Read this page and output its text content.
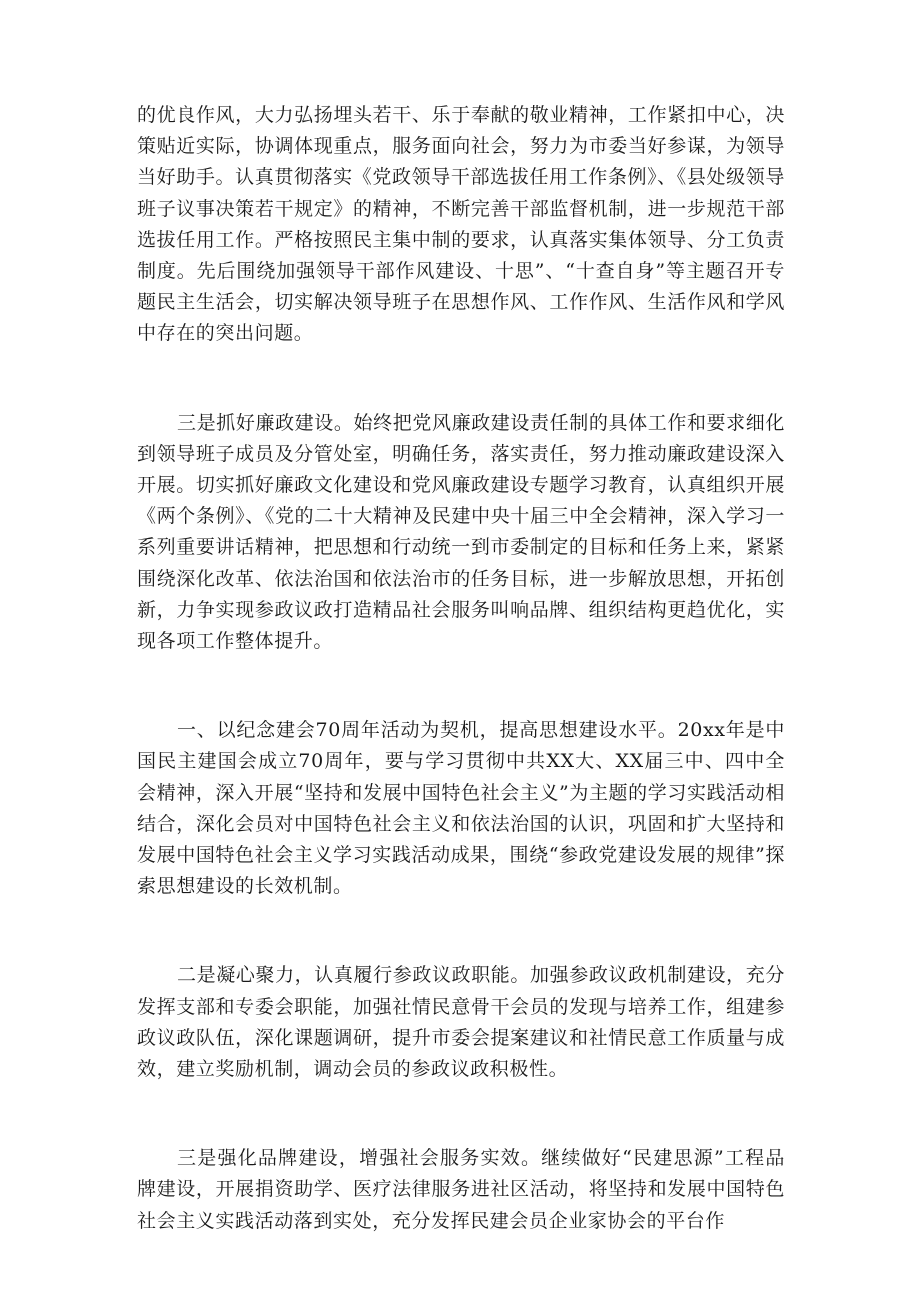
的优良作风，大力弘扬埋头若干、乐于奉献的敬业精神，工作紧扣中心，决策贴近实际，协调体现重点，服务面向社会，努力为市委当好参谋，为领导当好助手。认真贯彻落实《党政领导干部选拔任用工作条例》、《县处级领导班子议事决策若干规定》的精神，不断完善干部监督机制，进一步规范干部选拔任用工作。严格按照民主集中制的要求，认真落实集体领导、分工负责制度。先后围绕加强领导干部作风建设、十思”、“十查自身”等主题召开专题民主生活会，切实解决领导班子在思想作风、工作作风、生活作风和学风中存在的突出问题。

三是抓好廉政建设。始终把党风廉政建设责任制的具体工作和要求细化到领导班子成员及分管处室，明确任务，落实责任，努力推动廉政建设深入开展。切实抓好廉政文化建设和党风廉政建设专题学习教育，认真组织开展《两个条例》、《党的二十大精神及民建中央十届三中全会精神，深入学习一系列重要讲话精神，把思想和行动统一到市委制定的目标和任务上来，紧紧围绕深化改革、依法治国和依法治市的任务目标，进一步解放思想，开拓创新，力争实现参政议政打造精品社会服务叫响品牌、组织结构更趋优化，实现各项工作整体提升。

一、以纪念建会70周年活动为契机，提高思想建设水平。20xx年是中国民主建国会成立70周年，要与学习贯彻中共XX大、XX届三中、四中全会精神，深入开展“坚持和发展中国特色社会主义”为主题的学习实践活动相结合，深化会员对中国特色社会主义和依法治国的认识，巩固和扩大坚持和发展中国特色社会主义学习实践活动成果，围绕“参政党建设发展的规律”探索思想建设的长效机制。

二是凝心聚力，认真履行参政议政职能。加强参政议政机制建设，充分发挥支部和专委会职能，加强社情民意骨干会员的发现与培养工作，组建参政议政队伍，深化课题调研，提升市委会提案建议和社情民意工作质量与成效，建立奖励机制，调动会员的参政议政积极性。

三是强化品牌建设，增强社会服务实效。继续做好“民建思源”工程品牌建设，开展捐资助学、医疗法律服务进社区活动，将坚持和发展中国特色社会主义实践活动落到实处，充分发挥民建会员企业家协会的平台作
